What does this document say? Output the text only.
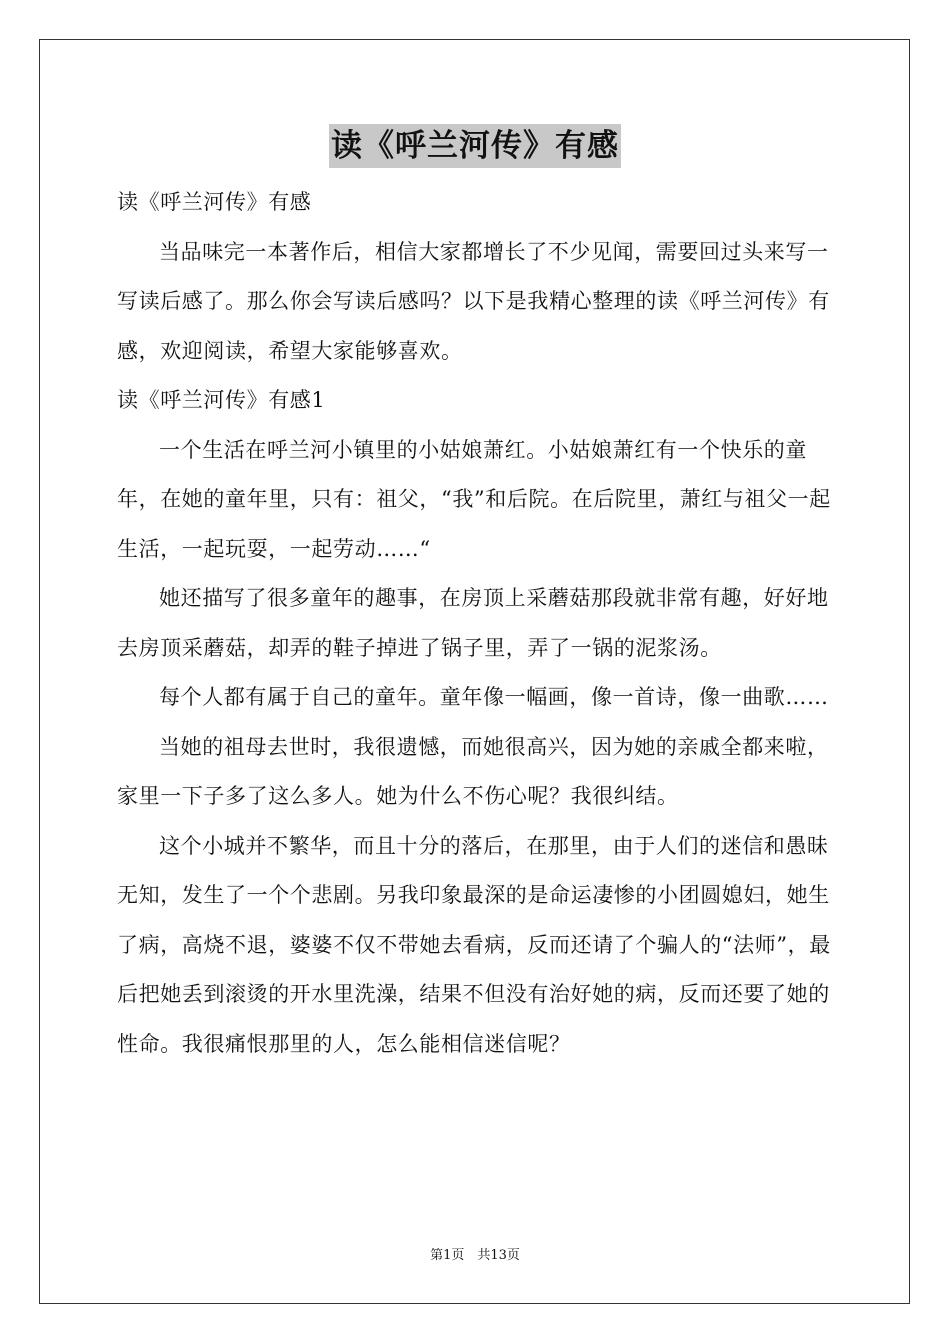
读《呼兰河传》有感

读《呼兰河传》有感

当品味完一本著作后，相信大家都增长了不少见闻，需要回过头来写一写读后感了。那么你会写读后感吗？以下是我精心整理的读《呼兰河传》有感，欢迎阅读，希望大家能够喜欢。

读《呼兰河传》有感1

一个生活在呼兰河小镇里的小姑娘萧红。小姑娘萧红有一个快乐的童年，在她的童年里，只有：祖父，“我”和后院。在后院里，萧红与祖父一起生活，一起玩耍，一起劳动……“

她还描写了很多童年的趣事，在房顶上采蘑菇那段就非常有趣，好好地去房顶采蘑菇，却弄的鞋子掉进了锅子里，弄了一锅的泥浆汤。

每个人都有属于自己的童年。童年像一幅画，像一首诗，像一曲歌……

当她的祖母去世时，我很遗憾，而她很高兴，因为她的亲戚全都来啦，家里一下子多了这么多人。她为什么不伤心呢？我很纠结。

这个小城并不繁华，而且十分的落后，在那里，由于人们的迷信和愚昧无知，发生了一个个悲剧。另我印象最深的是命运凄惨的小团圆媳妇，她生了病，高烧不退，婆婆不仅不带她去看病，反而还请了个骗人的“法师”，最后把她丢到滚烫的开水里洗澡，结果不但没有治好她的病，反而还要了她的性命。我很痛恨那里的人，怎么能相信迷信呢？

第1页　共13页
